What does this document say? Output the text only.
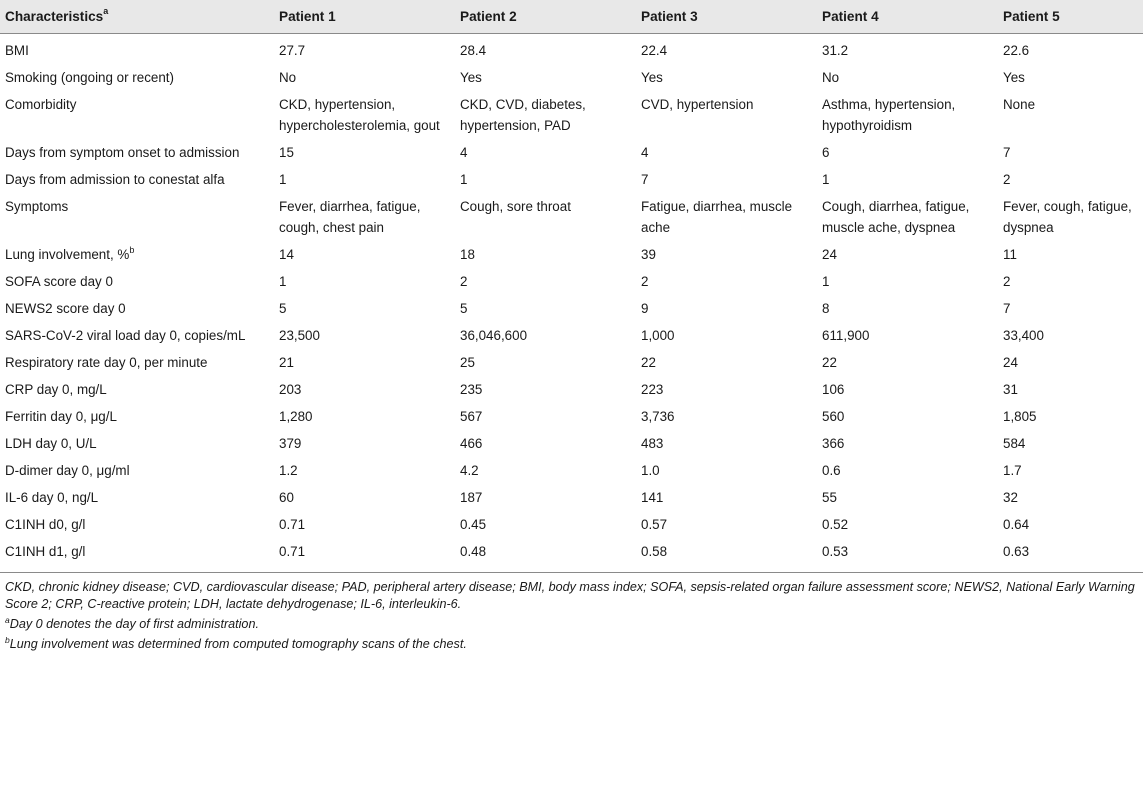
Characteristics$^a$	Patient 1	Patient 2	Patient 3	Patient 4	Patient 5
BMI	27.7	28.4	22.4	31.2	22.6
Smoking (ongoing or recent)	No	Yes	Yes	No	Yes
Comorbidity	CKD, hypertension, hypercholesterolemia, gout	CKD, CVD, diabetes, hypertension, PAD	CVD, hypertension	Asthma, hypertension, hypothyroidism	None
Days from symptom onset to admission	15	4	4	6	7
Days from admission to conestat alfa	1	1	7	1	2
Symptoms	Fever, diarrhea, fatigue, cough, chest pain	Cough, sore throat	Fatigue, diarrhea, muscle ache	Cough, diarrhea, fatigue, muscle ache, dyspnea	Fever, cough, fatigue, dyspnea
Lung involvement, %$^b$	14	18	39	24	11
SOFA score day 0	1	2	2	1	2
NEWS2 score day 0	5	5	9	8	7
SARS-CoV-2 viral load day 0, copies/mL	23,500	36,046,600	1,000	611,900	33,400
Respiratory rate day 0, per minute	21	25	22	22	24
CRP day 0, mg/L	203	235	223	106	31
Ferritin day 0, μg/L	1,280	567	3,736	560	1,805
LDH day 0, U/L	379	466	483	366	584
D-dimer day 0, μg/ml	1.2	4.2	1.0	0.6	1.7
IL-6 day 0, ng/L	60	187	141	55	32
C1INH d0, g/l	0.71	0.45	0.57	0.52	0.64
C1INH d1, g/l	0.71	0.48	0.58	0.53	0.63

CKD, chronic kidney disease; CVD, cardiovascular disease; PAD, peripheral artery disease; BMI, body mass index; SOFA, sepsis-related organ failure assessment score; NEWS2, National Early Warning Score 2; CRP, C-reactive protein; LDH, lactate dehydrogenase; IL-6, interleukin-6.

$^a$Day 0 denotes the day of first administration.

$^b$Lung involvement was determined from computed tomography scans of the chest.
